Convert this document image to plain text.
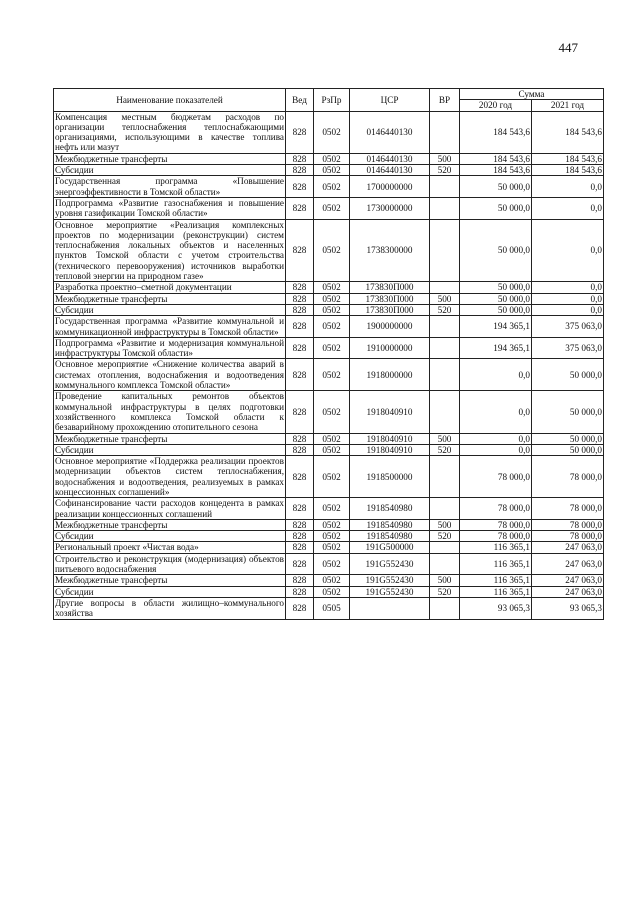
447
Наименование показателей	Вед	РзПр	ЦСР	ВР	Сумма	
					2020 год	2021 год
Компенсация местным бюджетам расходов по организации теплоснабжения теплоснабжающими организациями, использующими в качестве топлива нефть или мазут	828	0502	0146440130		184 543,6	184 543,6
Межбюджетные трансферты	828	0502	0146440130	500	184 543,6	184 543,6
Субсидии	828	0502	0146440130	520	184 543,6	184 543,6
Государственная программа «Повышение энергоэффективности в Томской области»	828	0502	1700000000		50 000,0	0,0
Подпрограмма «Развитие газоснабжения и повышение уровня газификации Томской области»	828	0502	1730000000		50 000,0	0,0
Основное мероприятие «Реализация комплексных проектов по модернизации (реконструкции) систем теплоснабжения локальных объектов и населенных пунктов Томской области с учетом строительства (технического перевооружения) источников выработки тепловой энергии на природном газе»	828	0502	1738300000		50 000,0	0,0
Разработка проектно–сметной документации	828	0502	173830П000		50 000,0	0,0
Межбюджетные трансферты	828	0502	173830П000	500	50 000,0	0,0
Субсидии	828	0502	173830П000	520	50 000,0	0,0
Государственная программа «Развитие коммунальной и коммуникационной инфраструктуры в Томской области»	828	0502	1900000000		194 365,1	375 063,0
Подпрограмма «Развитие и модернизация коммунальной инфраструктуры Томской области»	828	0502	1910000000		194 365,1	375 063,0
Основное мероприятие «Снижение количества аварий в системах отопления, водоснабжения и водоотведения коммунального комплекса Томской области»	828	0502	1918000000		0,0	50 000,0
Проведение капитальных ремонтов объектов коммунальной инфраструктуры в целях подготовки хозяйственного комплекса Томской области к безаварийному прохождению отопительного сезона	828	0502	1918040910		0,0	50 000,0
Межбюджетные трансферты	828	0502	1918040910	500	0,0	50 000,0
Субсидии	828	0502	1918040910	520	0,0	50 000,0
Основное мероприятие «Поддержка реализации проектов модернизации объектов систем теплоснабжения, водоснабжения и водоотведения, реализуемых в рамках концессионных соглашений»	828	0502	1918500000		78 000,0	78 000,0
Софинансирование части расходов концедента в рамках реализации концессионных соглашений	828	0502	1918540980		78 000,0	78 000,0
Межбюджетные трансферты	828	0502	1918540980	500	78 000,0	78 000,0
Субсидии	828	0502	1918540980	520	78 000,0	78 000,0
Региональный проект «Чистая вода»	828	0502	191G500000		116 365,1	247 063,0
Строительство и реконструкция (модернизация) объектов питьевого водоснабжения	828	0502	191G552430		116 365,1	247 063,0
Межбюджетные трансферты	828	0502	191G552430	500	116 365,1	247 063,0
Субсидии	828	0502	191G552430	520	116 365,1	247 063,0
Другие вопросы в области жилищно–коммунального хозяйства	828	0505			93 065,3	93 065,3
